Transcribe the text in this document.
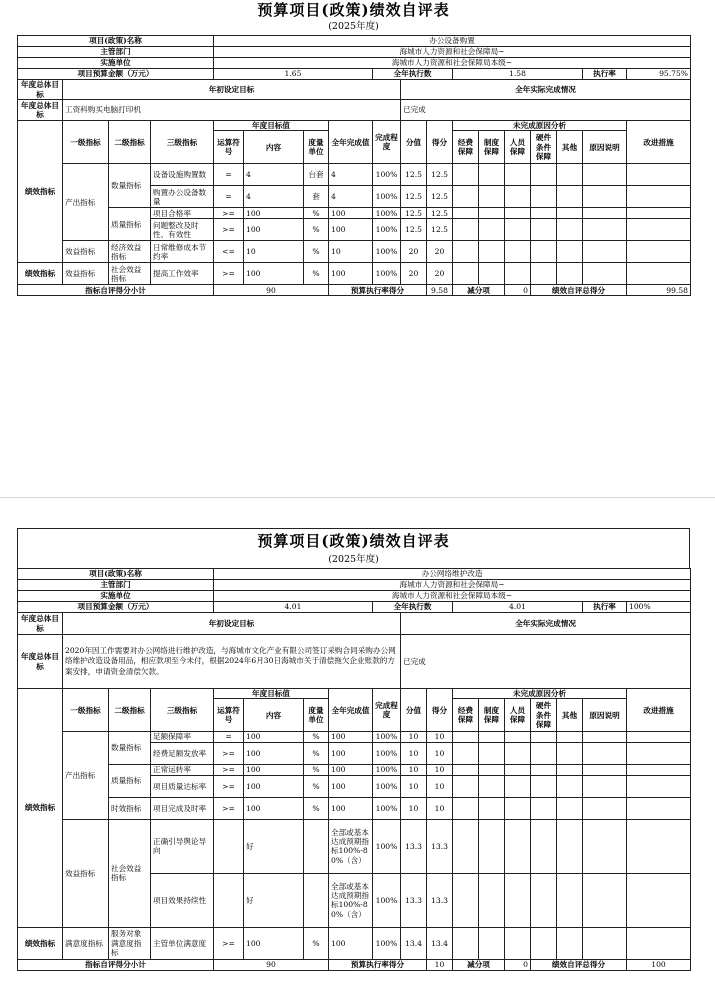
预算项目(政策)绩效自评表
(2025年度)
项目(政策)名称				办公设备购置													
主管部门				海城市人力资源和社会保障局~													
实施单位				海城市人力资源和社会保障局本级~													
项目预算金额（万元）				1.65				全年执行数			1.58					执行率	95.75%
年度总体目标	年初设定目标								全年实际完成情况								
年度总体目标	工资科购买电脑打印机								已完成								
绩效指标	一级指标	二级指标	三级指标	年度目标值			全年完成值	完成程度	分值	得分	未完成原因分析						改进措施
				运算符号	内容	度量单位					经费保障	制度保障	人员保障	硬件条件保障	其他	原因说明	
	产出指标	数量指标	设备设施购置数	=	4	台套	4	100%	12.5	12.5							
			购置办公设备数量	=	4	套	4	100%	12.5	12.5							
		质量指标	项目合格率	>=	100	%	100	100%	12.5	12.5							
			问题整改及时性、有效性	>=	100	%	100	100%	12.5	12.5							
	效益指标	经济效益指标	日常维修成本节约率	<=	10	%	10	100%	20	20							
绩效指标	效益指标	社会效益指标	提高工作效率	>=	100	%	100	100%	20	20							
指标自评得分小计				90			预算执行率得分			9.58	减分项		0	绩效自评总得分			99.58
预算项目(政策)绩效自评表
(2025年度)
项目(政策)名称				办公网络维护改造													
主管部门				海城市人力资源和社会保障局~													
实施单位				海城市人力资源和社会保障局本级~													
项目预算金额（万元）				4.01				全年执行数			4.01					执行率	100%
年度总体目标	年初设定目标								全年实际完成情况								
年度总体目标	2020年因工作需要对办公网络进行维护改造，与海城市文化产业有限公司签订采购合同采购办公网络维护改造设备用品，相应款项至今未付，根据2024年6月30日海城市关于清偿拖欠企业账款的方案安排，申请资金清偿欠款。								已完成								
绩效指标	一级指标	二级指标	三级指标	年度目标值			全年完成值	完成程度	分值	得分	未完成原因分析						改进措施
				运算符号	内容	度量单位					经费保障	制度保障	人员保障	硬件条件保障	其他	原因说明	
	产出指标	数量指标	足额保障率	=	100	%	100	100%	10	10							
			经费足额发放率	>=	100	%	100	100%	10	10							
		质量指标	正常运转率	>=	100	%	100	100%	10	10							
			项目质量达标率	>=	100	%	100	100%	10	10							
		时效指标	项目完成及时率	>=	100	%	100	100%	10	10							
	效益指标	社会效益指标	正确引导舆论导向		好		全部或基本达成预期指标100%-80%（含）	100%	13.3	13.3							
			项目效果持续性		好		全部或基本达成预期指标100%-80%（含）	100%	13.3	13.3							
绩效指标	满意度指标	服务对象满意度指标	主管单位满意度	>=	100	%	100	100%	13.4	13.4							
指标自评得分小计				90			预算执行率得分			10	减分项		0	绩效自评总得分			100
